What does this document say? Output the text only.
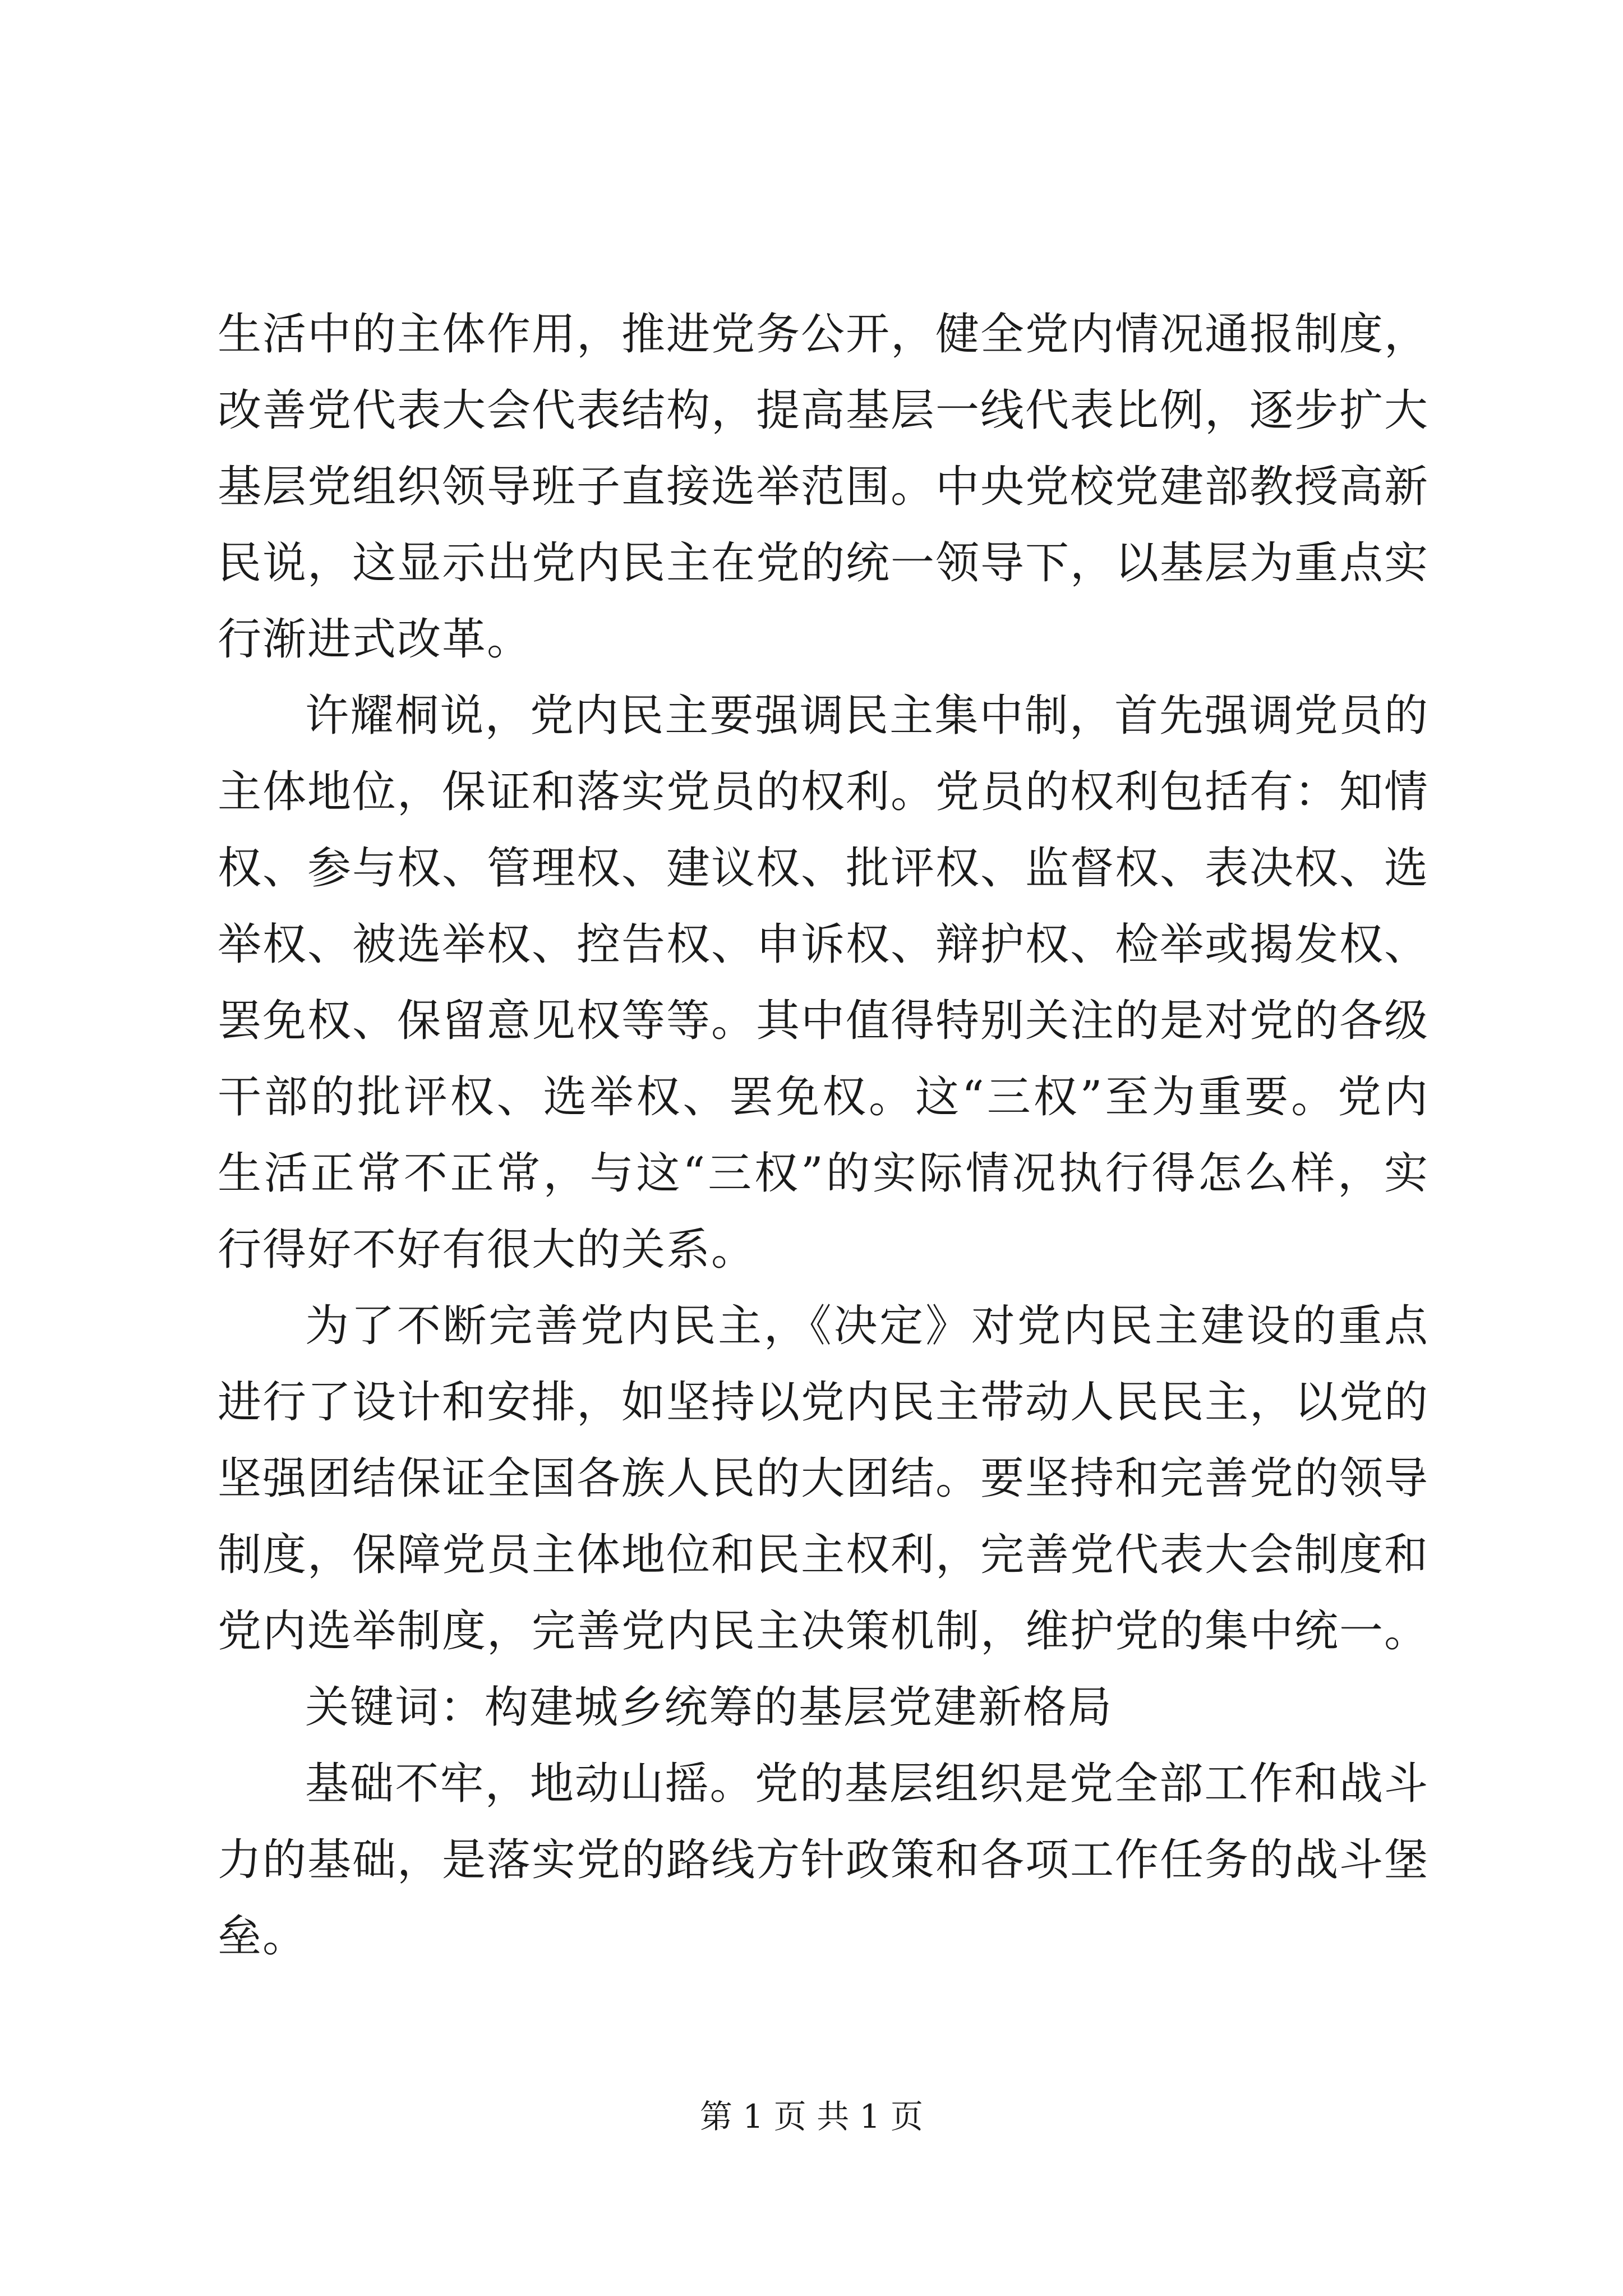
生活中的主体作用，推进党务公开，健全党内情况通报制度，改善党代表大会代表结构，提高基层一线代表比例，逐步扩大基层党组织领导班子直接选举范围。中央党校党建部教授高新民说，这显示出党内民主在党的统一领导下，以基层为重点实行渐进式改革。

许耀桐说，党内民主要强调民主集中制，首先强调党员的主体地位，保证和落实党员的权利。党员的权利包括有：知情权、参与权、管理权、建议权、批评权、监督权、表决权、选举权、被选举权、控告权、申诉权、辩护权、检举或揭发权、罢免权、保留意见权等等。其中值得特别关注的是对党的各级干部的批评权、选举权、罢免权。这“三权”至为重要。党内生活正常不正常，与这“三权”的实际情况执行得怎么样，实行得好不好有很大的关系。

为了不断完善党内民主，《决定》对党内民主建设的重点进行了设计和安排，如坚持以党内民主带动人民民主，以党的坚强团结保证全国各族人民的大团结。要坚持和完善党的领导制度，保障党员主体地位和民主权利，完善党代表大会制度和党内选举制度，完善党内民主决策机制，维护党的集中统一。

关键词：构建城乡统筹的基层党建新格局

基础不牢，地动山摇。党的基层组织是党全部工作和战斗力的基础，是落实党的路线方针政策和各项工作任务的战斗堡垒。

第 1 页 共 1 页
